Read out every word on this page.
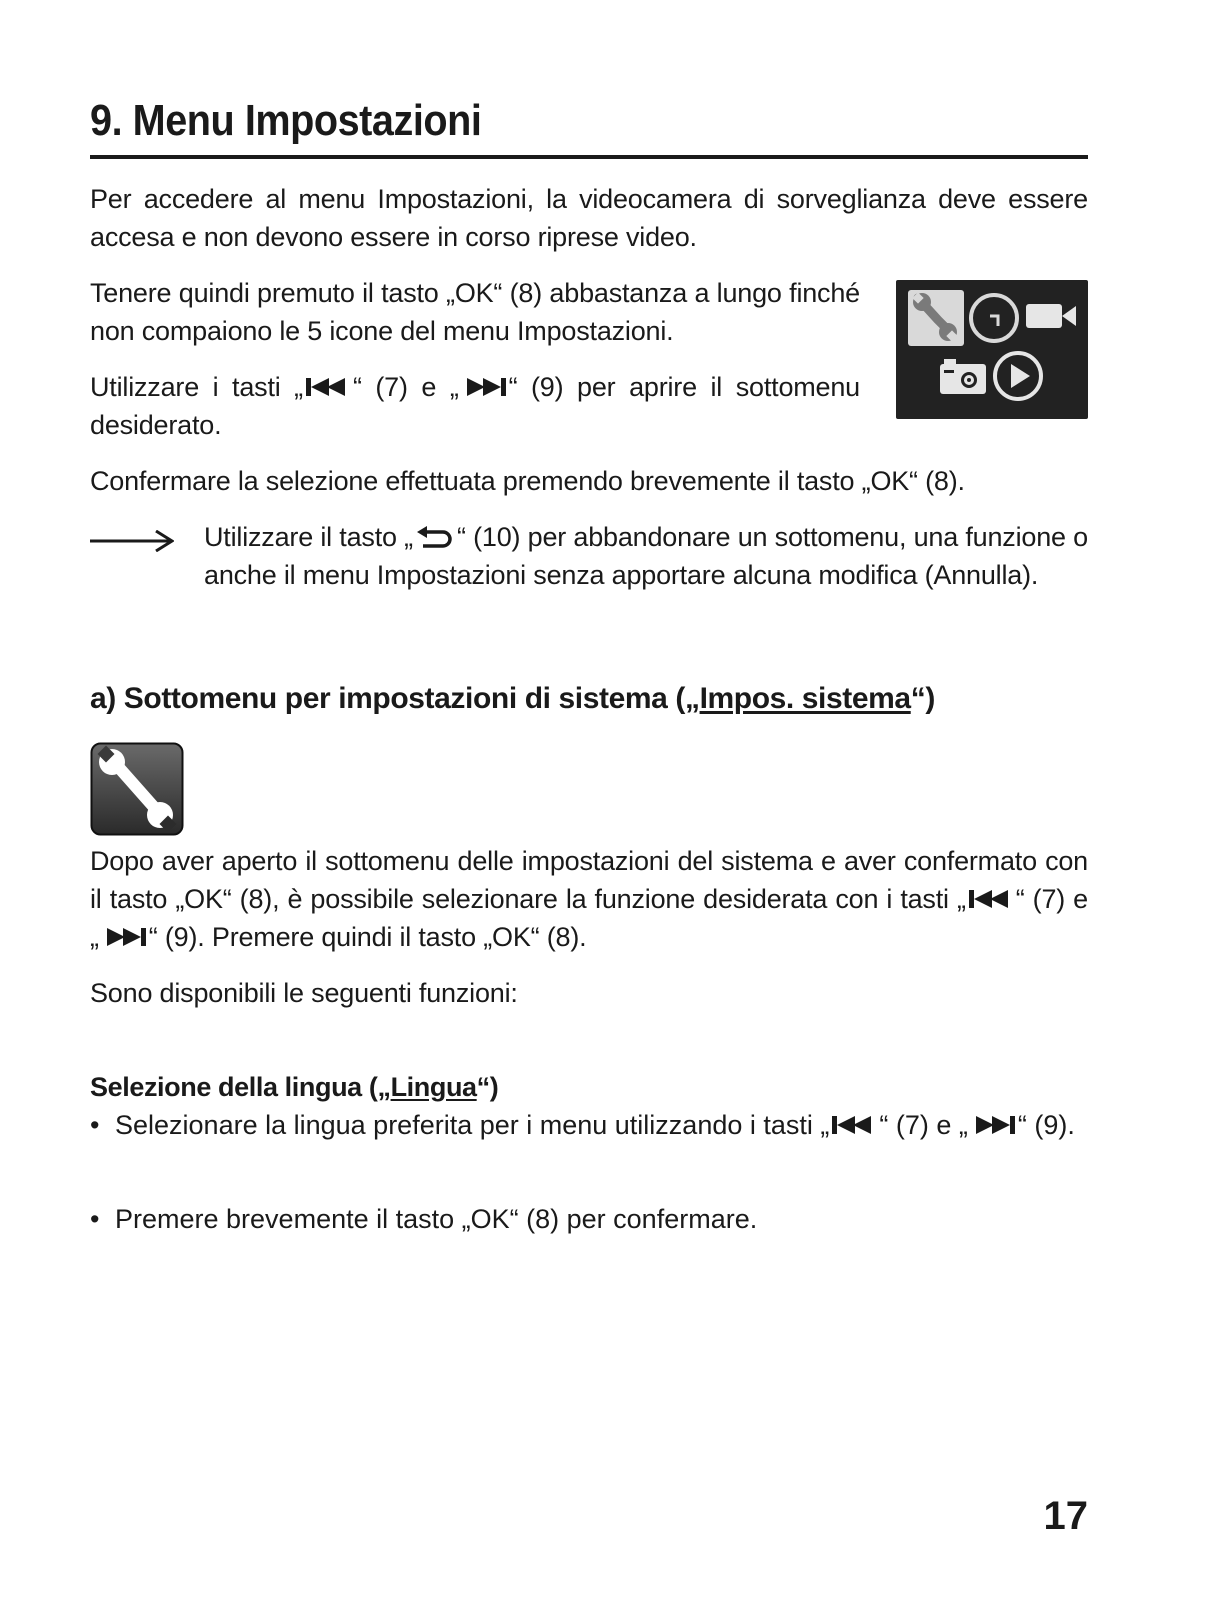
9. Menu Impostazioni

Per accedere al menu Impostazioni, la videocamera di sorveglianza deve essere accesa e non devono essere in corso riprese video.

Tenere quindi premuto il tasto „OK“ (8) abbastanza a lungo finché non compaiono le 5 icone del menu Impostazioni.

Utilizzare i tasti „ “ (7) e „ “ (9) per aprire il sottomenu desiderato.

Confermare la selezione effettuata premendo brevemente il tasto „OK“ (8).

Utilizzare il tasto „ “ (10) per abbandonare un sottomenu, una funzione o anche il menu Impostazioni senza apportare alcuna modifica (Annulla).

a) Sottomenu per impostazioni di sistema („Impos. sistema“)

Dopo aver aperto il sottomenu delle impostazioni del sistema e aver confermato con il tasto „OK“ (8), è possibile selezionare la funzione desiderata con i tasti „ “ (7) e „ “ (9). Premere quindi il tasto „OK“ (8).

Sono disponibili le seguenti funzioni:

Selezione della lingua („Lingua“)
• Selezionare la lingua preferita per i menu utilizzando i tasti „ “ (7) e „ “ (9).

• Premere brevemente il tasto „OK“ (8) per confermare.

17
